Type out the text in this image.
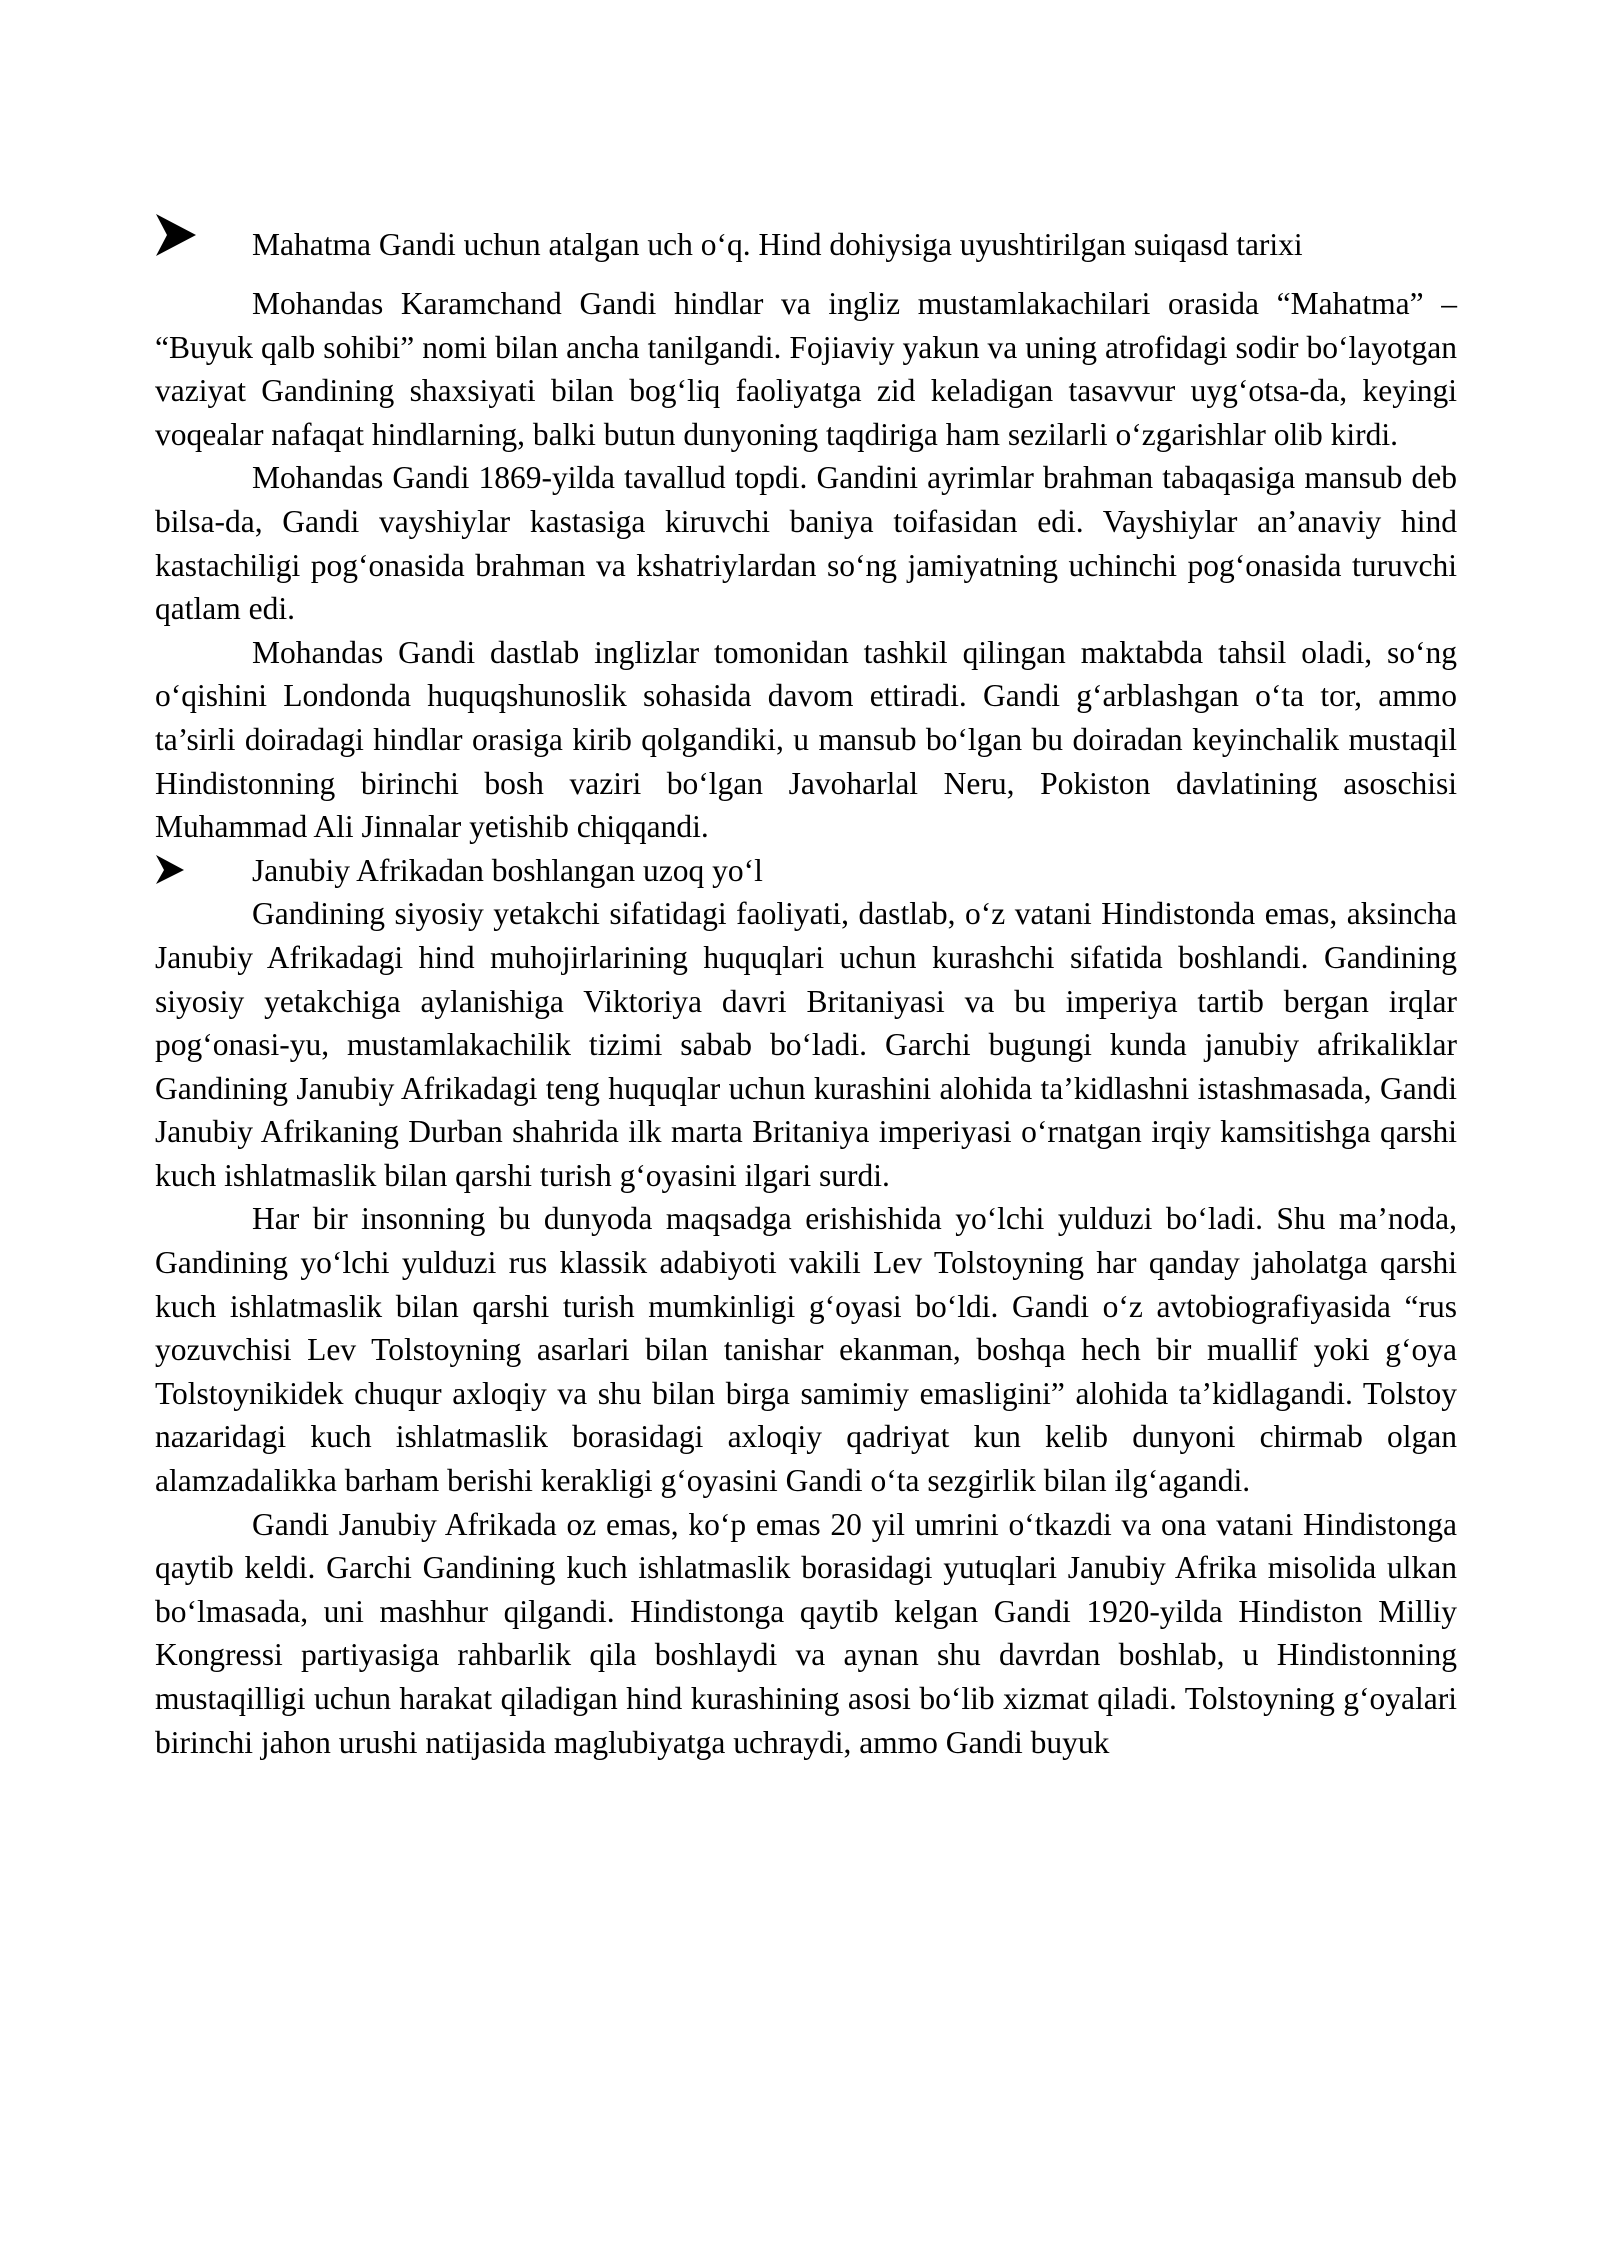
Mahatma Gandi uchun atalgan uch o‘q. Hind dohiysiga uyushtirilgan suiqasd tarixi

Mohandas Karamchand Gandi hindlar va ingliz mustamlakachilari orasida “Mahatma” – “Buyuk qalb sohibi” nomi bilan ancha tanilgandi. Fojiaviy yakun va uning atrofidagi sodir bo‘layotgan vaziyat Gandining shaxsiyati bilan bog‘liq faoliyatga zid keladigan tasavvur uyg‘otsa-da, keyingi voqealar nafaqat hindlarning, balki butun dunyoning taqdiriga ham sezilarli o‘zgarishlar olib kirdi.

Mohandas Gandi 1869-yilda tavallud topdi. Gandini ayrimlar brahman tabaqasiga mansub deb bilsa-da, Gandi vayshiylar kastasiga kiruvchi baniya toifasidan edi. Vayshiylar an’anaviy hind kastachiligi pog‘onasida brahman va kshatriylardan so‘ng jamiyatning uchinchi pog‘onasida turuvchi qatlam edi.

Mohandas Gandi dastlab inglizlar tomonidan tashkil qilingan maktabda tahsil oladi, so‘ng o‘qishini Londonda huquqshunoslik sohasida davom ettiradi. Gandi g‘arblashgan o‘ta tor, ammo ta’sirli doiradagi hindlar orasiga kirib qolgandiki, u mansub bo‘lgan bu doiradan keyinchalik mustaqil Hindistonning birinchi bosh vaziri bo‘lgan Javoharlal Neru, Pokiston davlatining asoschisi Muhammad Ali Jinnalar yetishib chiqqandi.

Janubiy Afrikadan boshlangan uzoq yo‘l

Gandining siyosiy yetakchi sifatidagi faoliyati, dastlab, o‘z vatani Hindistonda emas, aksincha Janubiy Afrikadagi hind muhojirlarining huquqlari uchun kurashchi sifatida boshlandi. Gandining siyosiy yetakchiga aylanishiga Viktoriya davri Britaniyasi va bu imperiya tartib bergan irqlar pog‘onasi-yu, mustamlakachilik tizimi sabab bo‘ladi. Garchi bugungi kunda janubiy afrikaliklar Gandining Janubiy Afrikadagi teng huquqlar uchun kurashini alohida ta’kidlashni istashmasada, Gandi Janubiy Afrikaning Durban shahrida ilk marta Britaniya imperiyasi o‘rnatgan irqiy kamsitishga qarshi kuch ishlatmaslik bilan qarshi turish g‘oyasini ilgari surdi.

Har bir insonning bu dunyoda maqsadga erishishida yo‘lchi yulduzi bo‘ladi. Shu ma’noda, Gandining yo‘lchi yulduzi rus klassik adabiyoti vakili Lev Tolstoyning har qanday jaholatga qarshi kuch ishlatmaslik bilan qarshi turish mumkinligi g‘oyasi bo‘ldi. Gandi o‘z avtobiografiyasida “rus yozuvchisi Lev Tolstoyning asarlari bilan tanishar ekanman, boshqa hech bir muallif yoki g‘oya Tolstoynikidek chuqur axloqiy va shu bilan birga samimiy emasligini” alohida ta’kidlagandi. Tolstoy nazaridagi kuch ishlatmaslik borasidagi axloqiy qadriyat kun kelib dunyoni chirmab olgan alamzadalikka barham berishi kerakligi g‘oyasini Gandi o‘ta sezgirlik bilan ilg‘agandi.

Gandi Janubiy Afrikada oz emas, ko‘p emas 20 yil umrini o‘tkazdi va ona vatani Hindistonga qaytib keldi. Garchi Gandining kuch ishlatmaslik borasidagi yutuqlari Janubiy Afrika misolida ulkan bo‘lmasada, uni mashhur qilgandi. Hindistonga qaytib kelgan Gandi 1920-yilda Hindiston Milliy Kongressi partiyasiga rahbarlik qila boshlaydi va aynan shu davrdan boshlab, u Hindistonning mustaqilligi uchun harakat qiladigan hind kurashining asosi bo‘lib xizmat qiladi. Tolstoyning g‘oyalari birinchi jahon urushi natijasida maglubiyatga uchraydi, ammo Gandi buyuk
